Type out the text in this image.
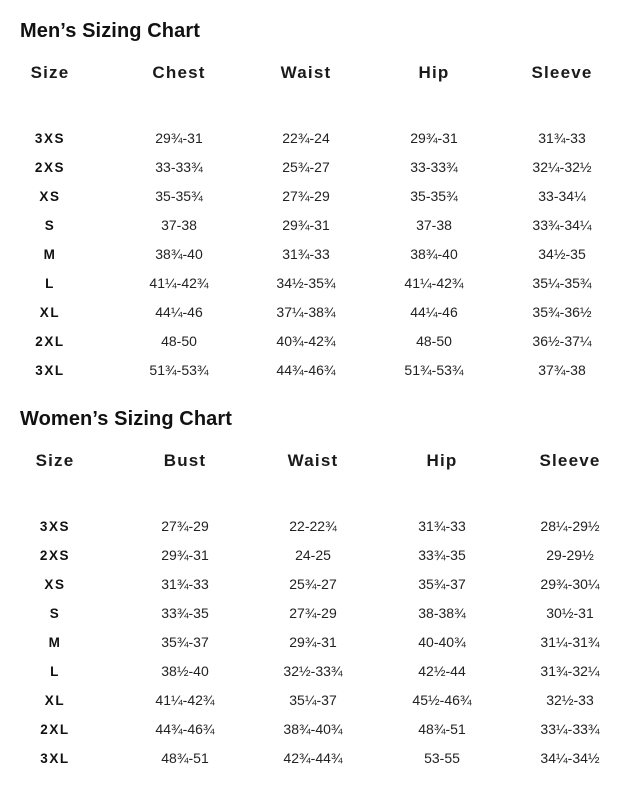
Men’s Sizing Chart
Size	Chest	Waist	Hip	Sleeve
3XS	29¾-31	22¾-24	29¾-31	31¾-33
2XS	33-33¾	25¾-27	33-33¾	32¼-32½
XS	35-35¾	27¾-29	35-35¾	33-34¼
S	37-38	29¾-31	37-38	33¾-34¼
M	38¾-40	31¾-33	38¾-40	34½-35
L	41¼-42¾	34½-35¾	41¼-42¾	35¼-35¾
XL	44¼-46	37¼-38¾	44¼-46	35¾-36½
2XL	48-50	40¾-42¾	48-50	36½-37¼
3XL	51¾-53¾	44¾-46¾	51¾-53¾	37¾-38
Women’s Sizing Chart
Size	Bust	Waist	Hip	Sleeve
3XS	27¾-29	22-22¾	31¾-33	28¼-29½
2XS	29¾-31	24-25	33¾-35	29-29½
XS	31¾-33	25¾-27	35¾-37	29¾-30¼
S	33¾-35	27¾-29	38-38¾	30½-31
M	35¾-37	29¾-31	40-40¾	31¼-31¾
L	38½-40	32½-33¾	42½-44	31¾-32¼
XL	41¼-42¾	35¼-37	45½-46¾	32½-33
2XL	44¾-46¾	38¾-40¾	48¾-51	33¼-33¾
3XL	48¾-51	42¾-44¾	53-55	34¼-34½
